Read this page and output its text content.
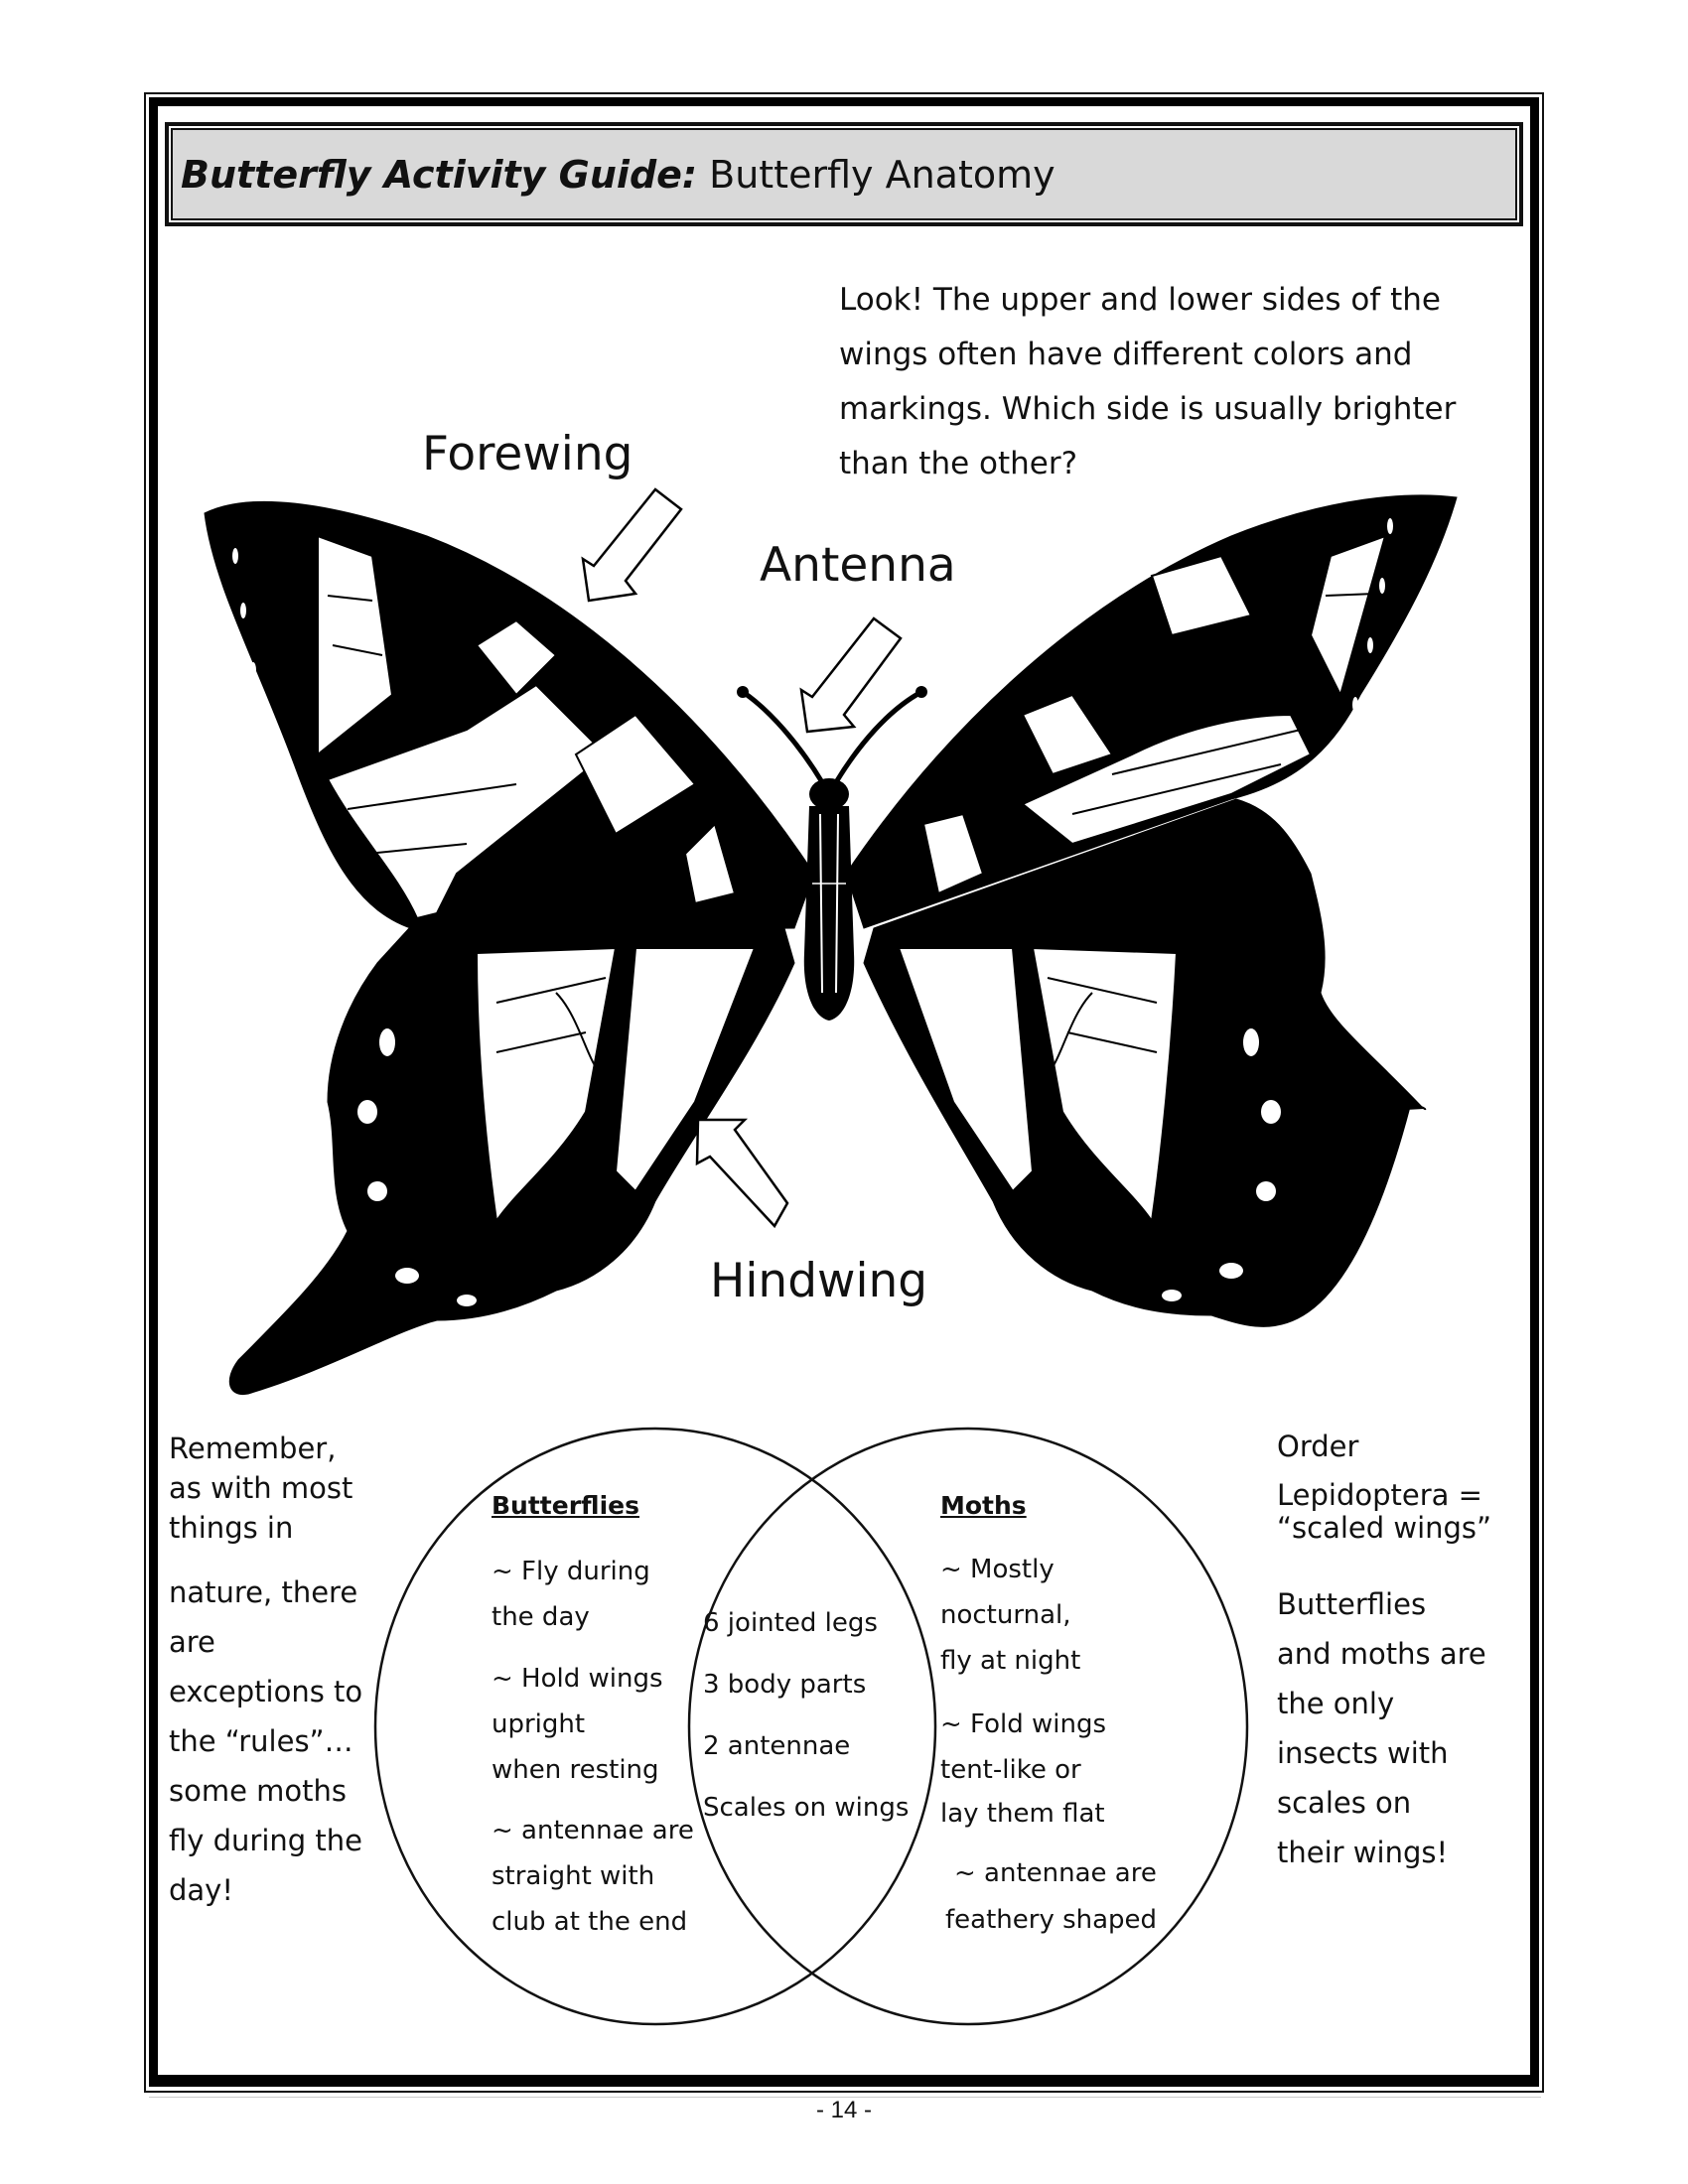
Butterfly Activity Guide: Butterfly Anatomy
Look! The upper and lower sides of the
wings often have different colors and
markings. Which side is usually brighter
than the other?
Forewing
Antenna
Hindwing
Remember,
as with most
things in
nature, there
are
exceptions to
the “rules”…
some moths
fly during the
day!
Butterflies
~ Fly during
the day
~ Hold wings
upright
when resting
~ antennae are
straight with
club at the end
6 jointed legs
3 body parts
2 antennae
Scales on wings
Moths
~ Mostly
nocturnal,
fly at night
~ Fold wings
tent-like or
lay them flat
~ antennae are
feathery shaped
Order
Lepidoptera =
“scaled wings”
Butterflies
and moths are
the only
insects with
scales on
their wings!
- 14 -
